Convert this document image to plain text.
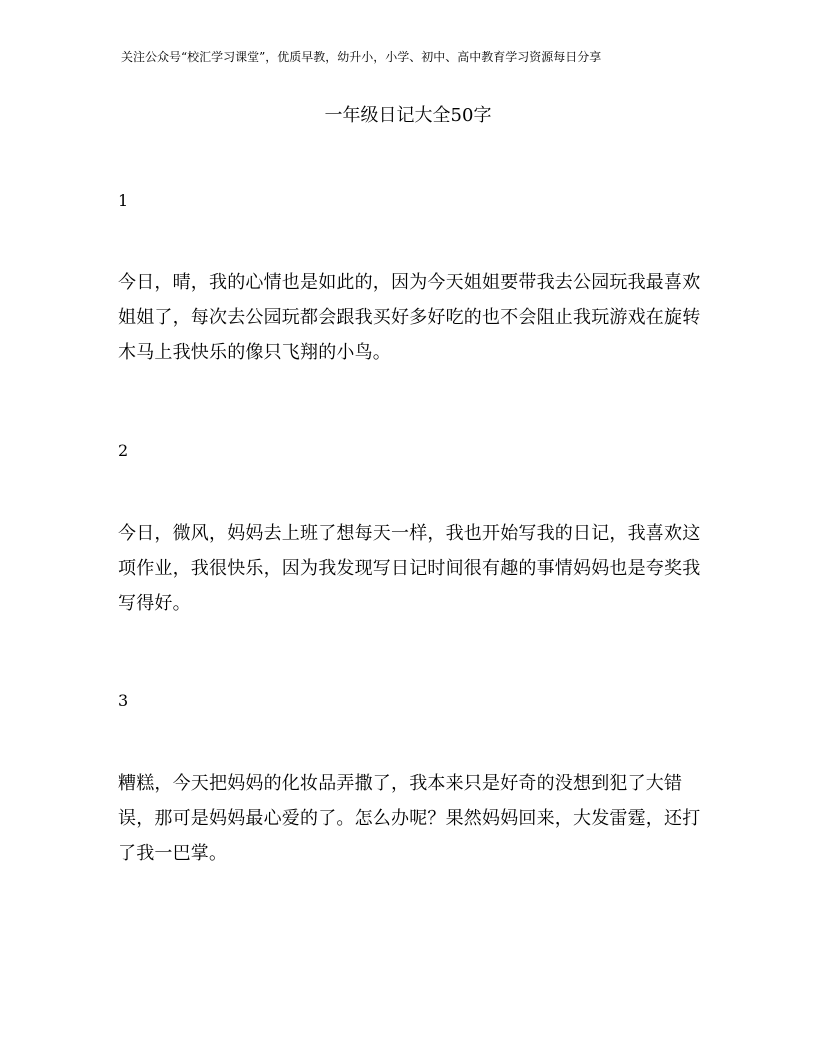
关注公众号“校汇学习课堂”，优质早教，幼升小，小学、初中、高中教育学习资源每日分享
一年级日记大全50字
1
今日，晴，我的心情也是如此的，因为今天姐姐要带我去公园玩我最喜欢姐姐了，每次去公园玩都会跟我买好多好吃的也不会阻止我玩游戏在旋转木马上我快乐的像只飞翔的小鸟。
2
今日，微风，妈妈去上班了想每天一样，我也开始写我的日记，我喜欢这项作业，我很快乐，因为我发现写日记时间很有趣的事情妈妈也是夸奖我写得好。
3
糟糕，今天把妈妈的化妆品弄撒了，我本来只是好奇的没想到犯了大错误，那可是妈妈最心爱的了。怎么办呢？果然妈妈回来，大发雷霆，还打了我一巴掌。
